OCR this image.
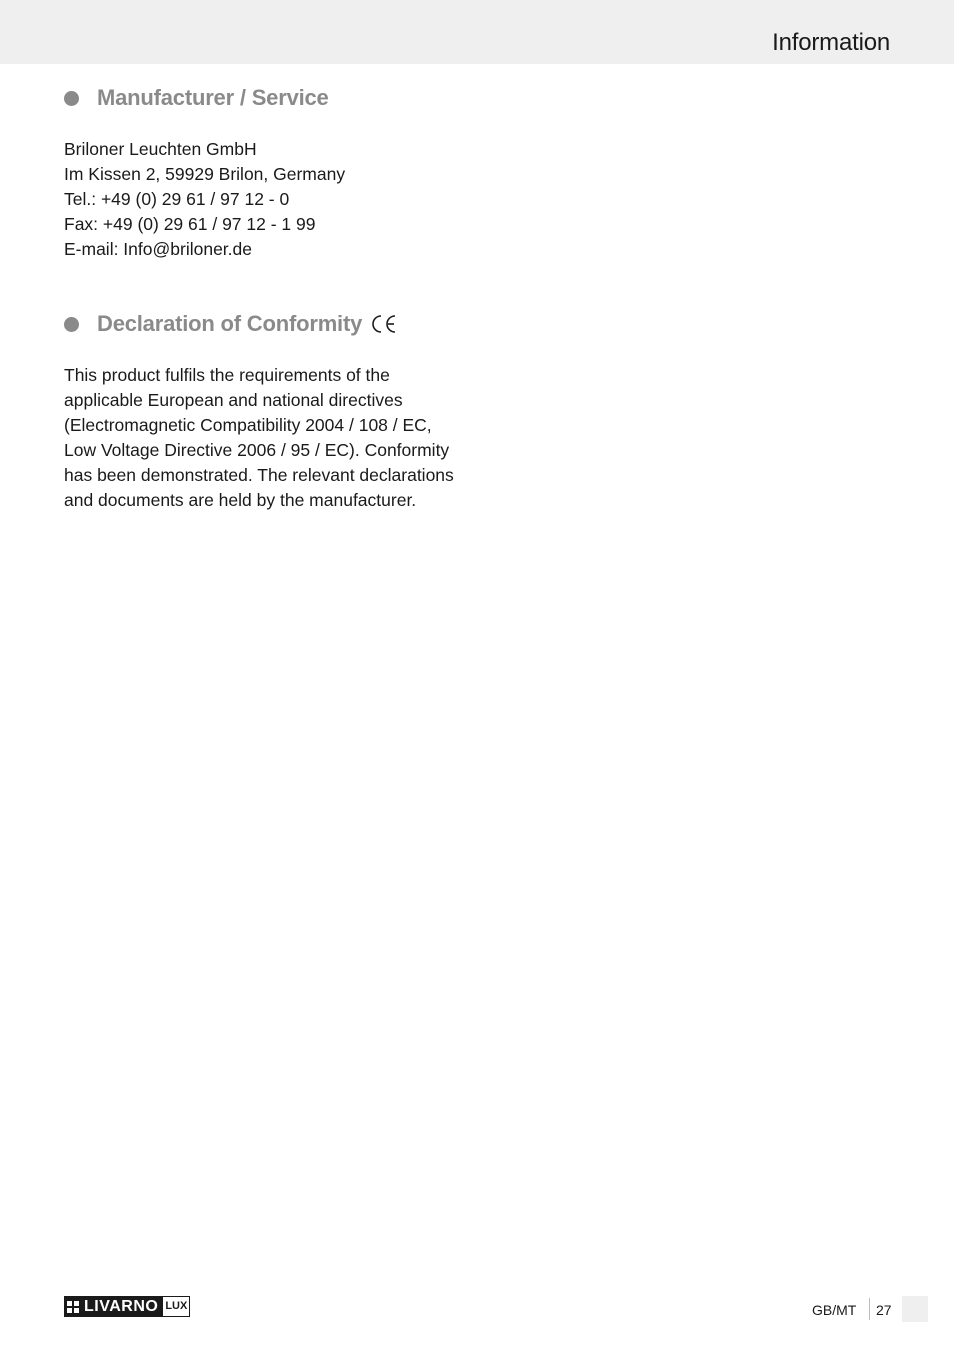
Information
Manufacturer / Service
Briloner Leuchten GmbH
Im Kissen 2, 59929 Brilon, Germany
Tel.: +49 (0) 29 61 / 97 12 - 0
Fax: +49 (0) 29 61 / 97 12 - 1 99
E-mail: Info@briloner.de
Declaration of Conformity
This product fulfils the requirements of the
applicable European and national directives
(Electromagnetic Compatibility 2004 / 108 / EC,
Low Voltage Directive 2006 / 95 / EC). Conformity
has been demonstrated. The relevant declarations
and documents are held by the manufacturer.
LIVARNO LUX	GB/MT 27
